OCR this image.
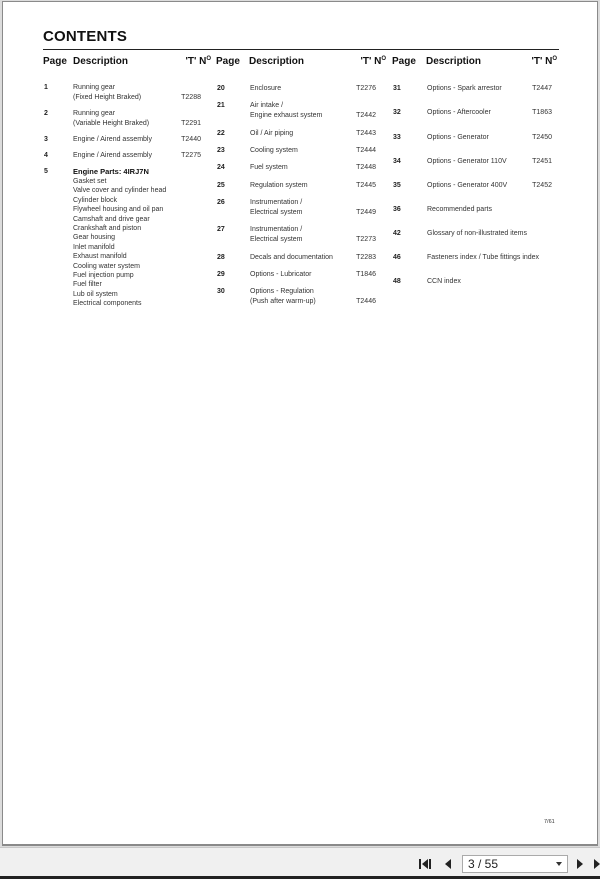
CONTENTS
Page Description	'T' $N^O$
1	Running gear
(Fixed Height Braked)	T2288
2	Running gear
(Variable Height Braked)	T2291
3	Engine / Airend assembly	T2440
4	Engine / Airend assembly	T2275
5	Engine Parts: 4IRJ7N
Gasket set
Valve cover and cylinder head
Cylinder block
Flywheel housing and oil pan
Camshaft and drive gear
Crankshaft and piston
Gear housing
Inlet manifold
Exhaust manifold
Cooling water system
Fuel injection pump
Fuel filter
Lub oil system
Electrical components
Page Description	'T' $N^O$
20	Enclosure	T2276
21	Air intake /
Engine exhaust system	T2442
22	Oil / Air piping	T2443
23	Cooling system	T2444
24	Fuel system	T2448
25	Regulation system	T2445
26	Instrumentation /
Electrical system	T2449
27	Instrumentation /
Electrical system	T2273
28	Decals and documentation	T2283
29	Options - Lubricator	T1846
30	Options - Regulation
(Push after warm-up)	T2446
Page Description	'T' $N^O$
31	Options - Spark arrestor	T2447
32	Options - Aftercooler	T1863
33	Options - Generator	T2450
34	Options - Generator 110V	T2451
35	Options - Generator 400V	T2452
36	Recommended parts
42	Glossary of non-illustrated items
46	Fasteners index / Tube fittings index
48	CCN index
7/61
3 / 55
